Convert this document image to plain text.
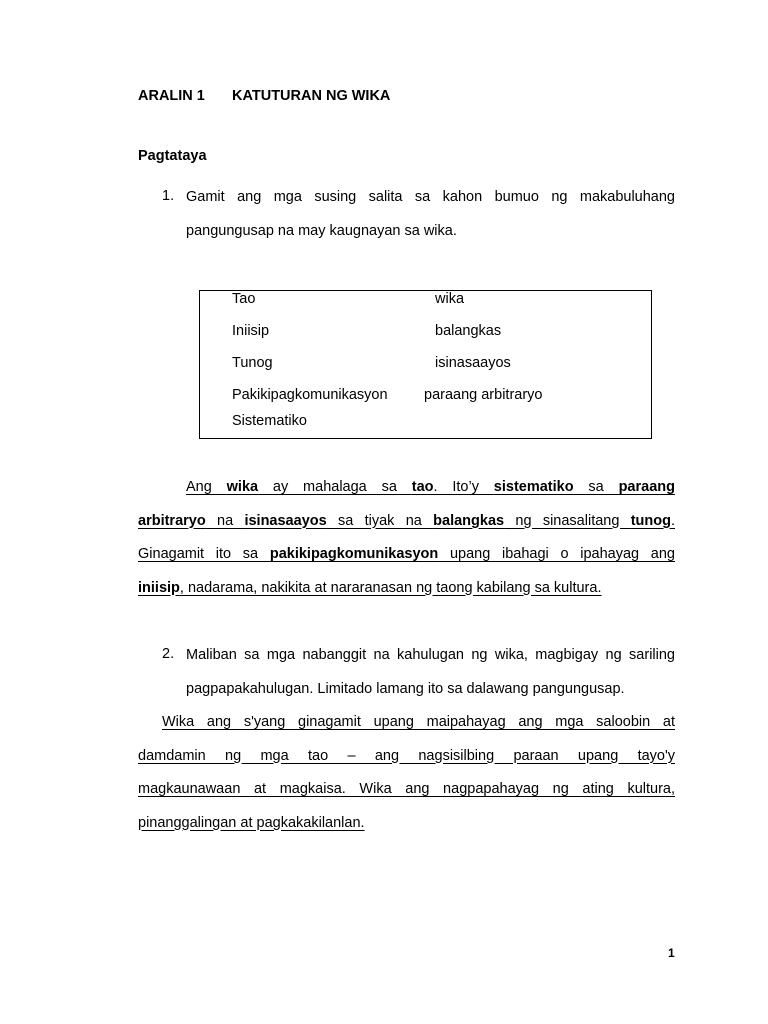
ARALIN 1 KATUTURAN NG WIKA
Pagtataya
1. Gamit ang mga susing salita sa kahon bumuo ng makabuluhang
pangungusap na may kaugnayan sa wika.
Tao
Iniisip
Tunog
Pakikipagkomunikasyon
Sistematiko
wika
balangkas
isinasaayos
paraang arbitraryo
Ang wika ay mahalaga sa tao. Ito’y sistematiko sa paraang
arbitraryo na isinasaayos sa tiyak na balangkas ng sinasalitang tunog.
Ginagamit ito sa pakikipagkomunikasyon upang ibahagi o ipahayag ang
iniisip, nadarama, nakikita at nararanasan ng taong kabilang sa kultura.
2. Maliban sa mga nabanggit na kahulugan ng wika, magbigay ng sariling
pagpapakahulugan. Limitado lamang ito sa dalawang pangungusap.
Wika ang s'yang ginagamit upang maipahayag ang mga saloobin at
damdamin ng mga tao – ang nagsisilbing paraan upang tayo'y
magkaunawaan at magkaisa. Wika ang nagpapahayag ng ating kultura,
pinanggalingan at pagkakakilanlan.
1
